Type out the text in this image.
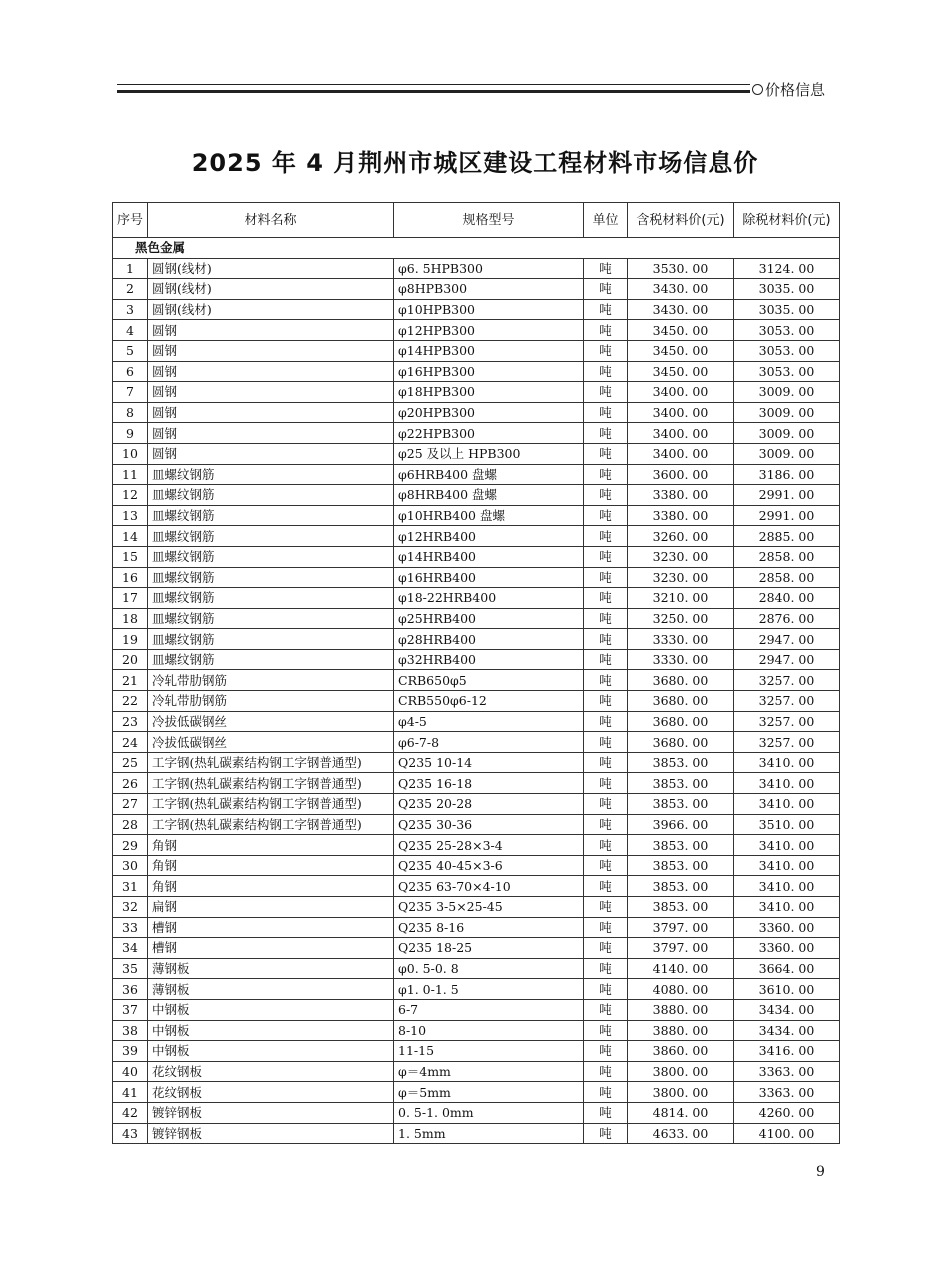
价格信息
2025 年 4 月荆州市城区建设工程材料市场信息价
序号	材料名称	规格型号	单位	含税材料价(元)	除税材料价(元)
黑色金属					
1	圆钢(线材)	φ6. 5HPB300	吨	3530. 00	3124. 00
2	圆钢(线材)	φ8HPB300	吨	3430. 00	3035. 00
3	圆钢(线材)	φ10HPB300	吨	3430. 00	3035. 00
4	圆钢	φ12HPB300	吨	3450. 00	3053. 00
5	圆钢	φ14HPB300	吨	3450. 00	3053. 00
6	圆钢	φ16HPB300	吨	3450. 00	3053. 00
7	圆钢	φ18HPB300	吨	3400. 00	3009. 00
8	圆钢	φ20HPB300	吨	3400. 00	3009. 00
9	圆钢	φ22HPB300	吨	3400. 00	3009. 00
10	圆钢	φ25 及以上 HPB300	吨	3400. 00	3009. 00
11	皿螺纹钢筋	φ6HRB400 盘螺	吨	3600. 00	3186. 00
12	皿螺纹钢筋	φ8HRB400 盘螺	吨	3380. 00	2991. 00
13	皿螺纹钢筋	φ10HRB400 盘螺	吨	3380. 00	2991. 00
14	皿螺纹钢筋	φ12HRB400	吨	3260. 00	2885. 00
15	皿螺纹钢筋	φ14HRB400	吨	3230. 00	2858. 00
16	皿螺纹钢筋	φ16HRB400	吨	3230. 00	2858. 00
17	皿螺纹钢筋	φ18-22HRB400	吨	3210. 00	2840. 00
18	皿螺纹钢筋	φ25HRB400	吨	3250. 00	2876. 00
19	皿螺纹钢筋	φ28HRB400	吨	3330. 00	2947. 00
20	皿螺纹钢筋	φ32HRB400	吨	3330. 00	2947. 00
21	冷轧带肋钢筋	CRB650φ5	吨	3680. 00	3257. 00
22	冷轧带肋钢筋	CRB550φ6-12	吨	3680. 00	3257. 00
23	冷拔低碳钢丝	φ4-5	吨	3680. 00	3257. 00
24	冷拔低碳钢丝	φ6-7-8	吨	3680. 00	3257. 00
25	工字钢(热轧碳素结构钢工字钢普通型)	Q235 10-14	吨	3853. 00	3410. 00
26	工字钢(热轧碳素结构钢工字钢普通型)	Q235 16-18	吨	3853. 00	3410. 00
27	工字钢(热轧碳素结构钢工字钢普通型)	Q235 20-28	吨	3853. 00	3410. 00
28	工字钢(热轧碳素结构钢工字钢普通型)	Q235 30-36	吨	3966. 00	3510. 00
29	角钢	Q235 25-28×3-4	吨	3853. 00	3410. 00
30	角钢	Q235 40-45×3-6	吨	3853. 00	3410. 00
31	角钢	Q235 63-70×4-10	吨	3853. 00	3410. 00
32	扁钢	Q235 3-5×25-45	吨	3853. 00	3410. 00
33	槽钢	Q235 8-16	吨	3797. 00	3360. 00
34	槽钢	Q235 18-25	吨	3797. 00	3360. 00
35	薄钢板	φ0. 5-0. 8	吨	4140. 00	3664. 00
36	薄钢板	φ1. 0-1. 5	吨	4080. 00	3610. 00
37	中钢板	6-7	吨	3880. 00	3434. 00
38	中钢板	8-10	吨	3880. 00	3434. 00
39	中钢板	11-15	吨	3860. 00	3416. 00
40	花纹钢板	φ＝4mm	吨	3800. 00	3363. 00
41	花纹钢板	φ＝5mm	吨	3800. 00	3363. 00
42	镀锌钢板	0. 5-1. 0mm	吨	4814. 00	4260. 00
43	镀锌钢板	1. 5mm	吨	4633. 00	4100. 00
9
